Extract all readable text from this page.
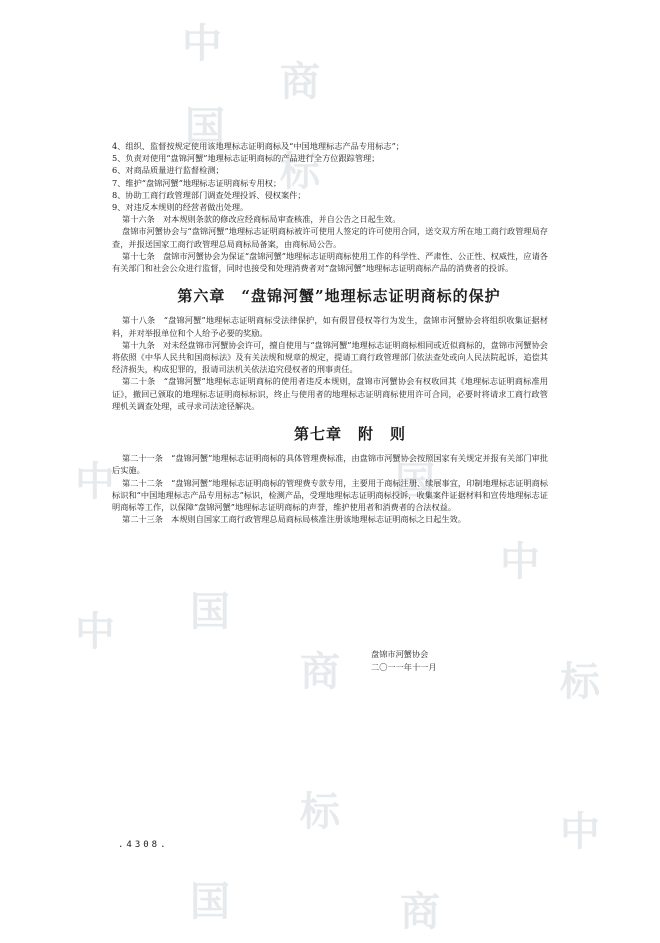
中
国
商
标
中
中
中
国
国
商	标
标
国	商
中

4、组织、监督按规定使用该地理标志证明商标及“中国地理标志产品专用标志”；

5、负责对使用“盘锦河蟹”地理标志证明商标的产品进行全方位跟踪管理；

6、对商品质量进行监督检测；

7、维护“盘锦河蟹”地理标志证明商标专用权；

8、协助工商行政管理部门调查处理投诉、侵权案件；

9、对违反本规则的经营者做出处理。

第十六条　对本规则条款的修改应经商标局审查核准，并自公告之日起生效。

盘锦市河蟹协会与“盘锦河蟹”地理标志证明商标被许可使用人签定的许可使用合同，送交双方所在地工商行政管理局存查，并报送国家工商行政管理总局商标局备案，由商标局公告。

第十七条　盘锦市河蟹协会为保证“盘锦河蟹”地理标志证明商标使用工作的科学性、严肃性、公正性、权威性，应请各有关部门和社会公众进行监督，同时也接受和处理消费者对“盘锦河蟹”地理标志证明商标产品的消费者的投诉。

第六章　“盘锦河蟹”地理标志证明商标的保护

第十八条　“盘锦河蟹”地理标志证明商标受法律保护，如有假冒侵权等行为发生，盘锦市河蟹协会将组织收集证据材料，并对举报单位和个人给予必要的奖励。

第十九条　对未经盘锦市河蟹协会许可，擅自使用与“盘锦河蟹”地理标志证明商标相同或近似商标的，盘锦市河蟹协会将依照《中华人民共和国商标法》及有关法规和规章的规定，提请工商行政管理部门依法查处或向人民法院起诉，追偿其经济损失，构成犯罪的，报请司法机关依法追究侵权者的刑事责任。

第二十条　“盘锦河蟹”地理标志证明商标的使用者违反本规则，盘锦市河蟹协会有权收回其《地理标志证明商标准用证》，撤回已颁取的地理标志证明商标标识，终止与使用者的地理标志证明商标使用许可合同，必要时将请求工商行政管理机关调查处理，或寻求司法途径解决。

第七章　附　则

第二十一条　“盘锦河蟹”地理标志证明商标的具体管理费标准，由盘锦市河蟹协会按照国家有关规定并报有关部门审批后实施。

第二十二条　“盘锦河蟹”地理标志证明商标的管理费专款专用，主要用于商标注册、续展事宜，印制地理标志证明商标标识和“中国地理标志产品专用标志”标识，检测产品，受理地理标志证明商标投诉，收集案件证据材料和宣传地理标志证明商标等工作，以保障“盘锦河蟹”地理标志证明商标的声誉，维护使用者和消费者的合法权益。

第二十三条　本规则自国家工商行政管理总局商标局核准注册该地理标志证明商标之日起生效。

盘锦市河蟹协会
二〇一一年十一月
.4308.
